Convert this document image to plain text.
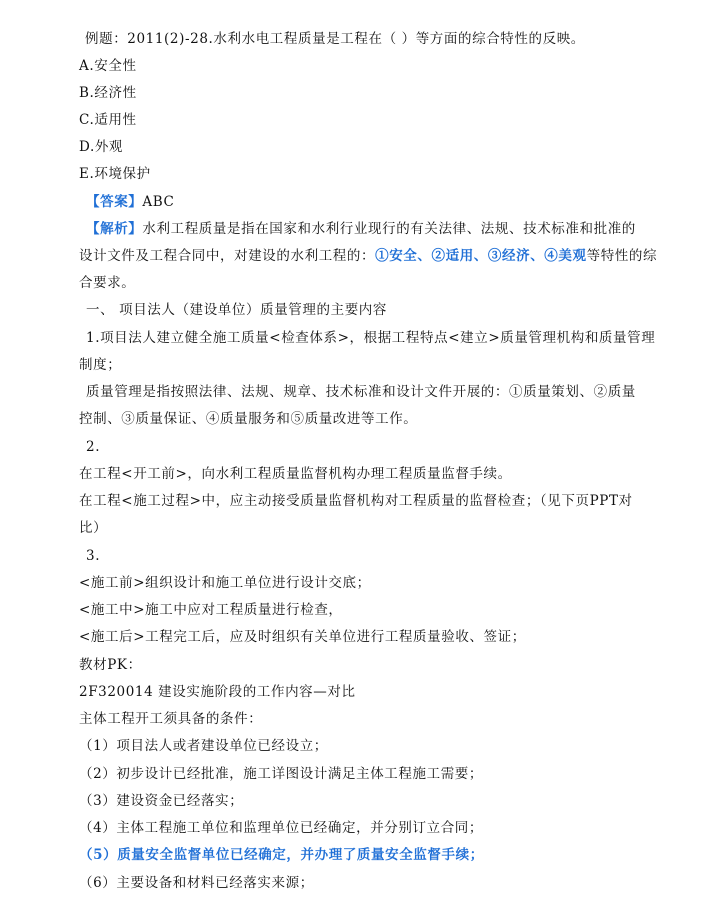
例题：2011(2)-28.水利水电工程质量是工程在（ ）等方面的综合特性的反映。
A.安全性
B.经济性
C.适用性
D.外观
E.环境保护
【答案】ABC
【解析】水利工程质量是指在国家和水利行业现行的有关法律、法规、技术标准和批准的
设计文件及工程合同中，对建设的水利工程的：①安全、②适用、③经济、④美观等特性的综
合要求。
一、 项目法人（建设单位）质量管理的主要内容
1.项目法人建立健全施工质量<检查体系>，根据工程特点<建立>质量管理机构和质量管理
制度；
质量管理是指按照法律、法规、规章、技术标准和设计文件开展的：①质量策划、②质量
控制、③质量保证、④质量服务和⑤质量改进等工作。
2.
在工程<开工前>，向水利工程质量监督机构办理工程质量监督手续。
在工程<施工过程>中，应主动接受质量监督机构对工程质量的监督检查；（见下页PPT对
比）
3.
<施工前>组织设计和施工单位进行设计交底；
<施工中>施工中应对工程质量进行检查，
<施工后>工程完工后，应及时组织有关单位进行工程质量验收、签证；
教材PK：
2F320014 建设实施阶段的工作内容—对比
主体工程开工须具备的条件：
（1）项目法人或者建设单位已经设立；
（2）初步设计已经批准，施工详图设计满足主体工程施工需要；
（3）建设资金已经落实；
（4）主体工程施工单位和监理单位已经确定，并分别订立合同；
（5）质量安全监督单位已经确定，并办理了质量安全监督手续；
（6）主要设备和材料已经落实来源；
